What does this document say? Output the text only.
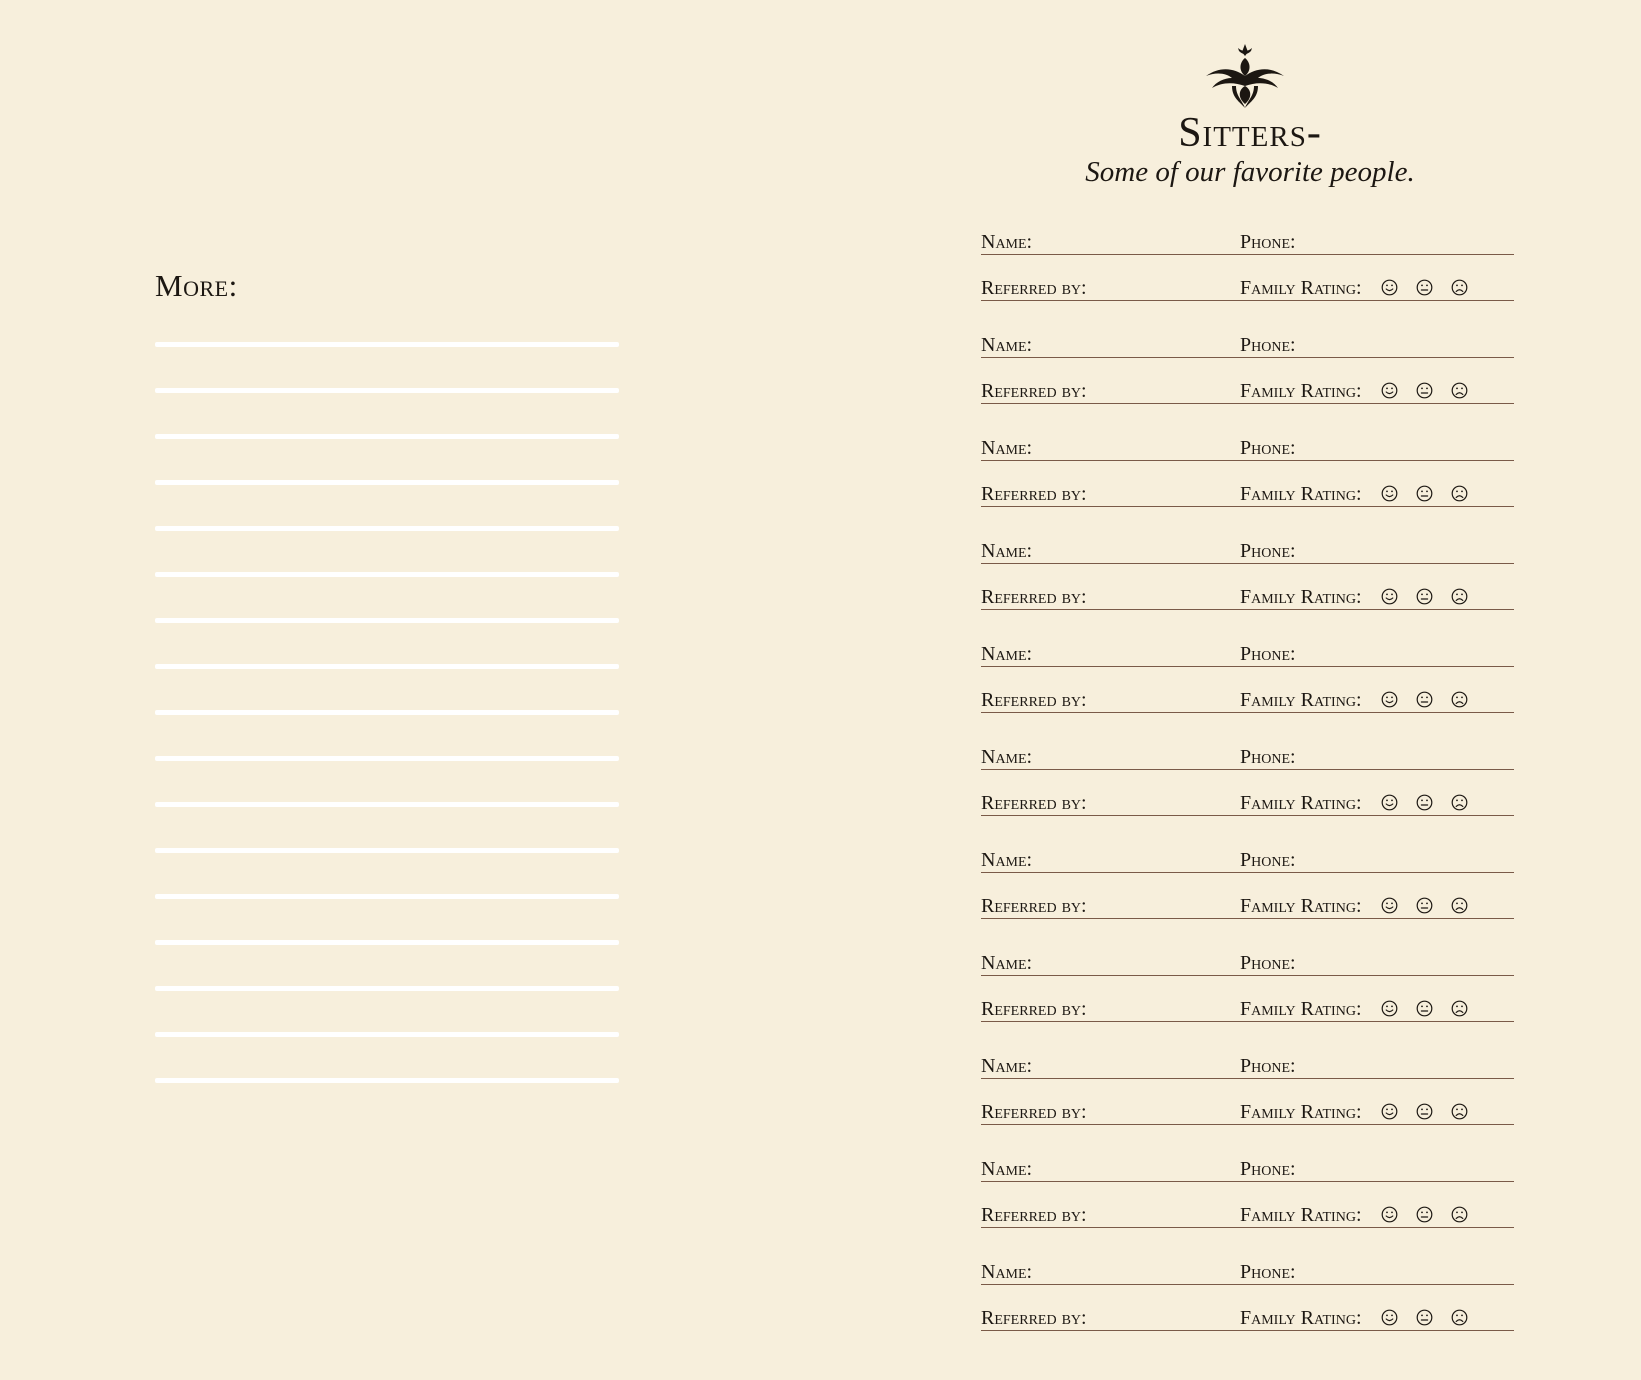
More:
Sitters-
Some of our favorite people.
Name:	Phone:
Referred by:	Family Rating:
Name:	Phone:
Referred by:	Family Rating:
Name:	Phone:
Referred by:	Family Rating:
Name:	Phone:
Referred by:	Family Rating:
Name:	Phone:
Referred by:	Family Rating:
Name:	Phone:
Referred by:	Family Rating:
Name:	Phone:
Referred by:	Family Rating:
Name:	Phone:
Referred by:	Family Rating:
Name:	Phone:
Referred by:	Family Rating:
Name:	Phone:
Referred by:	Family Rating:
Name:	Phone:
Referred by:	Family Rating:
